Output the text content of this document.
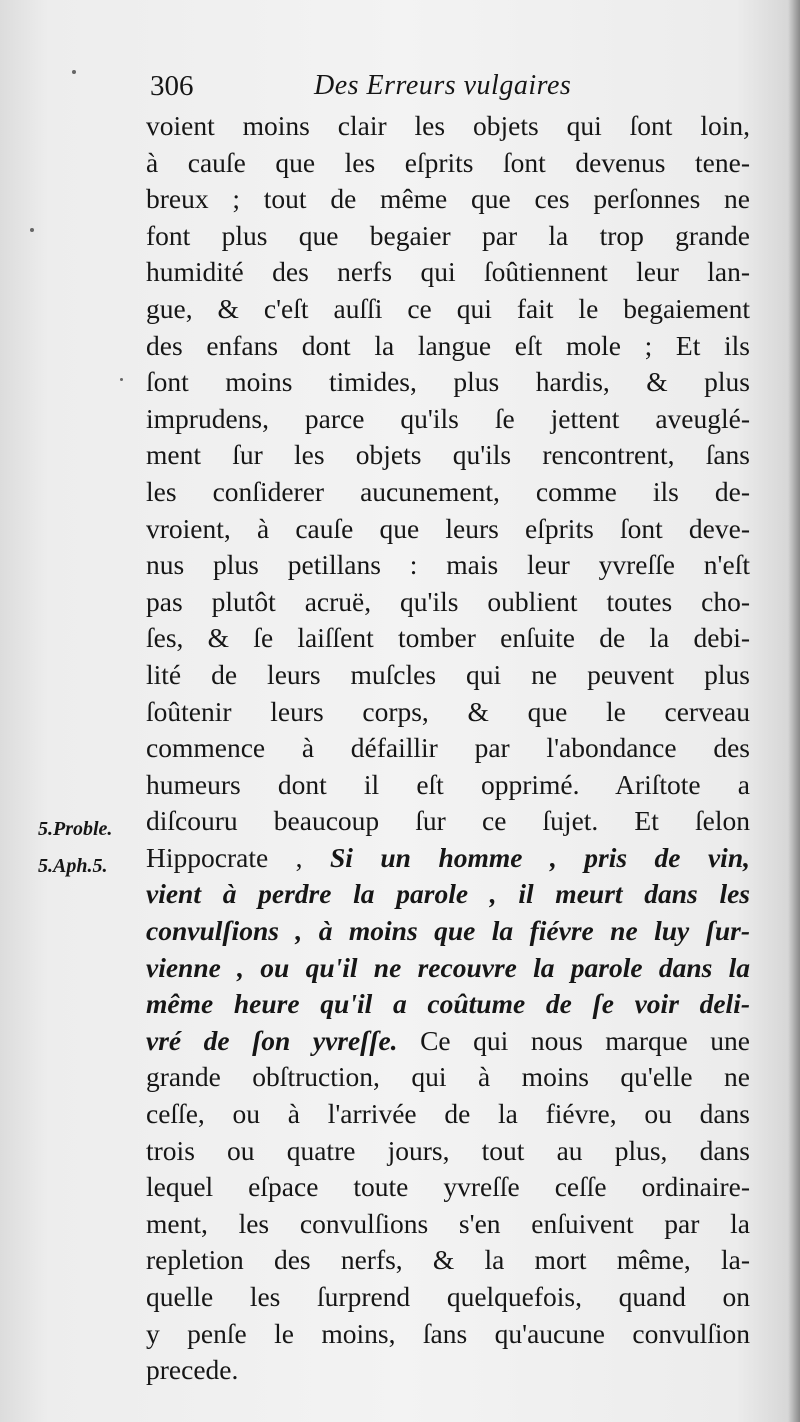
306	Des Erreurs vulgaires
5.Proble.
5.Aph.5.
voient moins clair les objets qui ſont loin,
à cauſe que les eſprits ſont devenus tene-
breux ; tout de même que ces perſonnes ne
font plus que begaier par la trop grande
humidité des nerfs qui ſoûtiennent leur lan-
gue, & c'eſt auſſi ce qui fait le begaiement
des enfans dont la langue eſt mole ; Et ils
ſont moins timides, plus hardis, & plus
imprudens, parce qu'ils ſe jettent aveuglé-
ment ſur les objets qu'ils rencontrent, ſans
les conſiderer aucunement, comme ils de-
vroient, à cauſe que leurs eſprits ſont deve-
nus plus petillans : mais leur yvreſſe n'eſt
pas plutôt acruë, qu'ils oublient toutes cho-
ſes, & ſe laiſſent tomber enſuite de la debi-
lité de leurs muſcles qui ne peuvent plus
ſoûtenir leurs corps, & que le cerveau
commence à défaillir par l'abondance des
humeurs dont il eſt opprimé. Ariſtote a
diſcouru beaucoup ſur ce ſujet. Et ſelon
Hippocrate , Si un homme , pris de vin,
vient à perdre la parole , il meurt dans les
convulſions , à moins que la fiévre ne luy ſur-
vienne , ou qu'il ne recouvre la parole dans la
même heure qu'il a coûtume de ſe voir deli-
vré de ſon yvreſſe. Ce qui nous marque une
grande obſtruction, qui à moins qu'elle ne
ceſſe, ou à l'arrivée de la fiévre, ou dans
trois ou quatre jours, tout au plus, dans
lequel eſpace toute yvreſſe ceſſe ordinaire-
ment, les convulſions s'en enſuivent par la
repletion des nerfs, & la mort même, la-
quelle les ſurprend quelquefois, quand on
y penſe le moins, ſans qu'aucune convulſion
precede.
